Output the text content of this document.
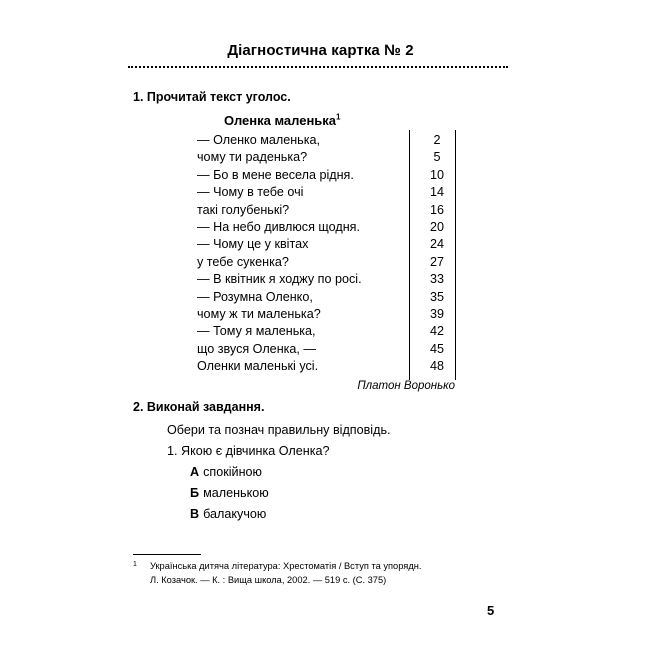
Діагностична картка № 2
1. Прочитай текст уголос.
Оленка маленька$^1$
— Оленко маленька,	2
чому ти раденька?	5
— Бо в мене весела рідня.	10
— Чому в тебе очі	14
такі голубенькі?	16
— На небо дивлюся щодня.	20
— Чому це у квітах	24
у тебе сукенка?	27
— В квітник я ходжу по росі.	33
— Розумна Оленко,	35
чому ж ти маленька?	39
— Тому я маленька,	42
що звуся Оленка, —	45
Оленки маленькі усі.	48
Платон Воронько
2. Виконай завдання.
Обери та познач правильну відповідь.
1. Якою є дівчинка Оленка?
А спокійною
Б маленькою
В балакучою
1 Українська дитяча література: Хрестоматія / Вступ та упорядн.
Л. Козачок. — К. : Вища школа, 2002. — 519 с. (С. 375)
5
